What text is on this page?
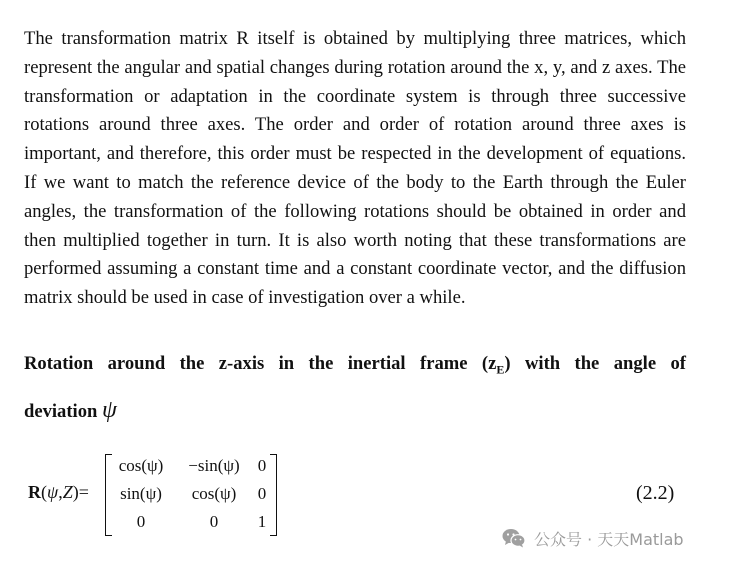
The transformation matrix R itself is obtained by multiplying three matrices, which represent the angular and spatial changes during rotation around the x, y, and z axes. The transformation or adaptation in the coordinate system is through three successive rotations around three axes. The order and order of rotation around three axes is important, and therefore, this order must be respected in the development of equations. If we want to match the reference device of the body to the Earth through the Euler angles, the transformation of the following rotations should be obtained in order and then multiplied together in turn. It is also worth noting that these transformations are performed assuming a constant time and a constant coordinate vector, and the diffusion matrix should be used in case of investigation over a while.

Rotation around the z-axis in the inertial frame $(z_E)$ with the angle of
deviation ψ
R(ψ,Z)=
cos(ψ)	−sin(ψ)	0
sin(ψ)	cos(ψ)	0
0	0	1
(2.2)
公众号 · 天天Matlab
